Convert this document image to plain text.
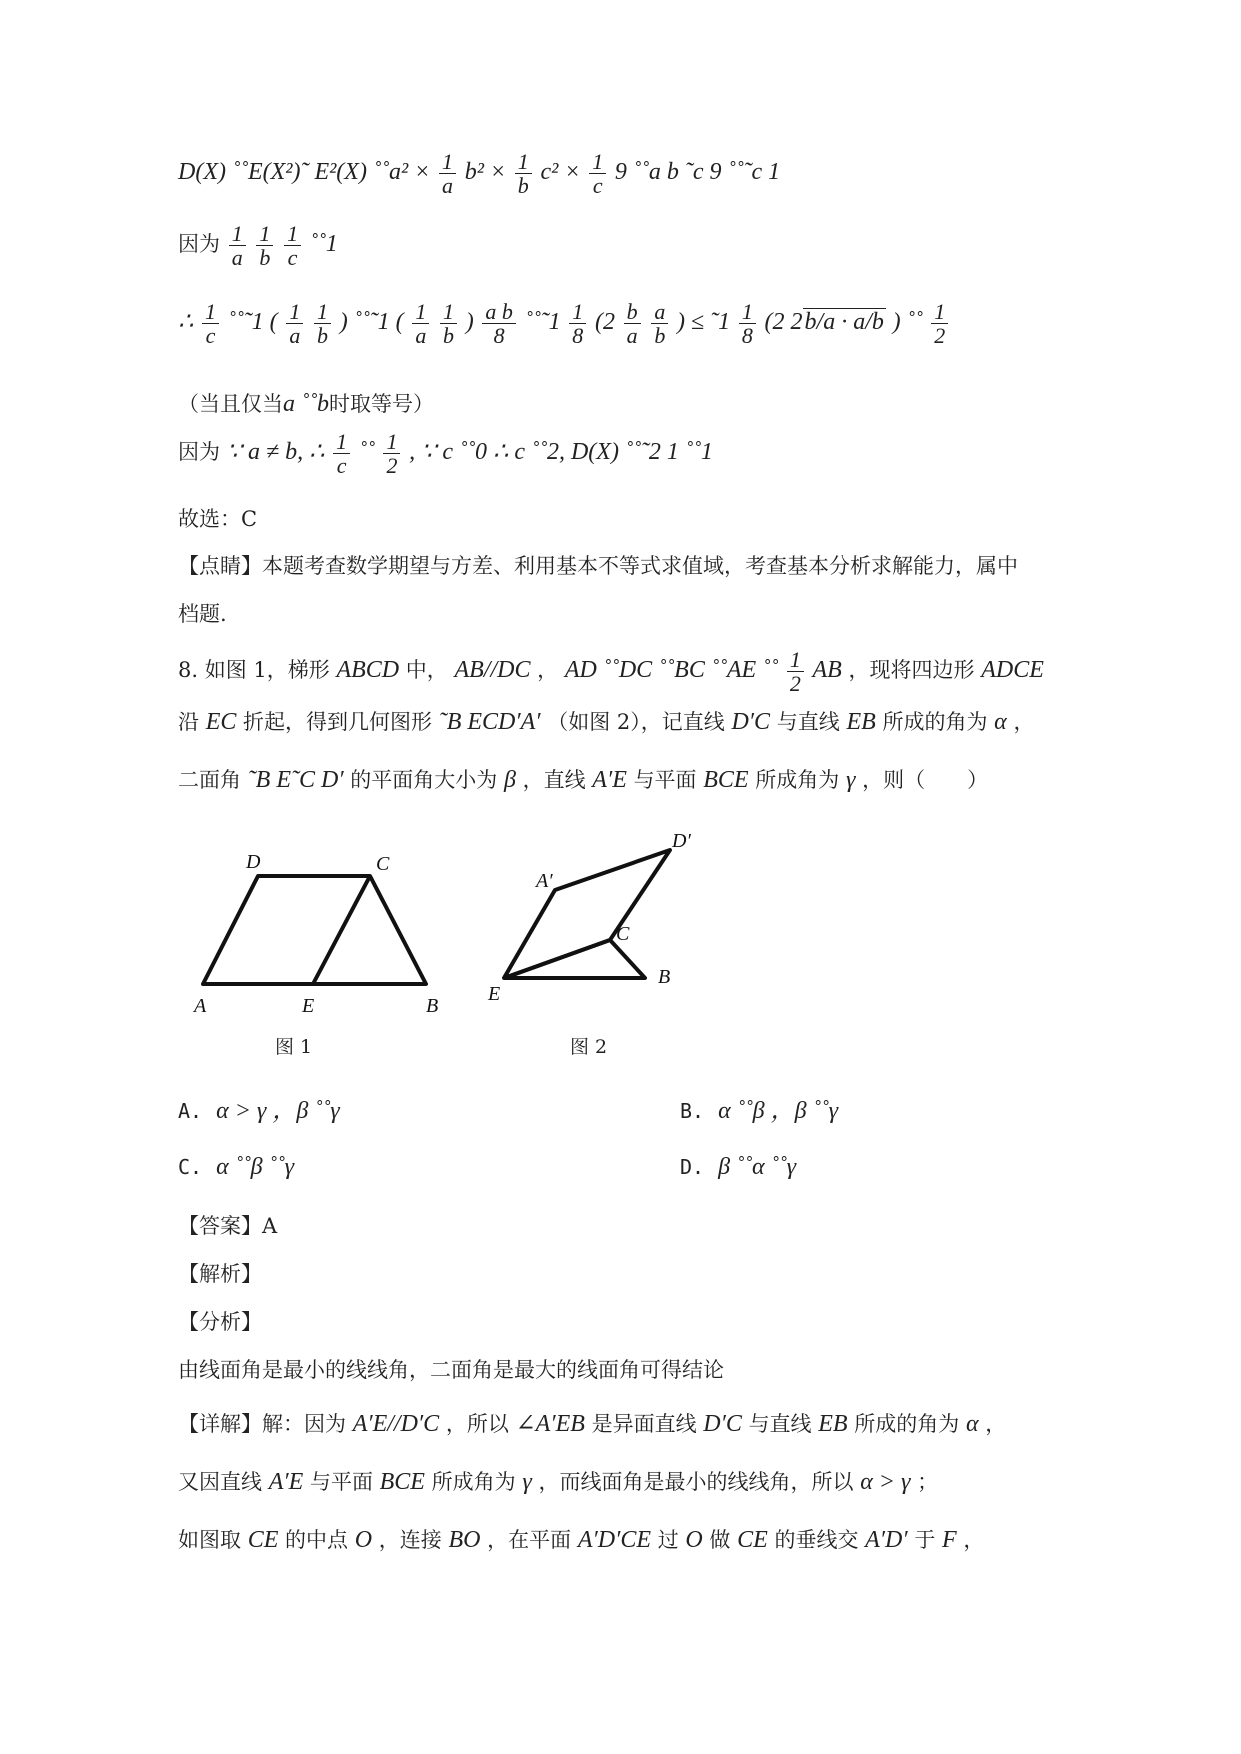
D(X) ˚˚E(X²)˜ E²(X) ˚˚a² × $\frac{1}{a} b^2 \times \frac{1}{b} c^2 \times \frac{1}{c} 9$ ˚˚a b ˜c 9 ˚˚˜c 1
因为 $\frac{1}{a}$
$\frac{1}{b}$
$\frac{1}{c}$ ˚˚1
∴ $\frac{1}{c}$ ˚˚˜1 ( $\frac{1}{a}$
$\frac{1}{b}$ ) ˚˚˜1 ( $\frac{1}{a}$
$\frac{1}{b}$ ) $\frac{\text{a b}}{8}$ ˚˚˜1 $\frac{1}{8} (2 \frac{b}{a}$
$\frac{a}{b}$ ) ≤ ˜1 $\frac{1}{8} (2$ 2b/a · a/b ) ˚˚ $\frac{1}{2}$
（当且仅当a ˚˚b时取等号）
因为 ∵ a ≠ b, ∴ $\frac{1}{c}$ ˚˚ $\frac{1}{2}$ , ∵ c ˚˚0 ∴ c ˚˚2, D(X) ˚˚˜2 1 ˚˚1
故选：C
【点睛】本题考查数学期望与方差、利用基本不等式求值域，考查基本分析求解能力，属中
档题.
8. 如图 1，梯形 ABCD 中， AB//DC ， AD ˚˚DC ˚˚BC ˚˚AE ˚˚ $\frac{1}{2}$ AB ，现将四边形 ADCE
沿 EC 折起，得到几何图形 ˜B ECD′A′ （如图 2），记直线 D′C 与直线 EB 所成的角为 α ，
二面角 ˜B E˜C D′ 的平面角大小为 β ，直线 A′E 与平面 BCE 所成角为 γ ，则（　　）
A
D	C
E	B
图 1
A′
D′
C
E
B
图 2
A. α > γ ，β ˚˚γ	B. α ˚˚β ，β ˚˚γ
C. α ˚˚β ˚˚γ	D. β ˚˚α ˚˚γ
【答案】A
【解析】
【分析】
由线面角是最小的线线角，二面角是最大的线面角可得结论
【详解】解：因为 A′E//D′C ，所以 ∠A′EB 是异面直线 D′C 与直线 EB 所成的角为 α ，
又因直线 A′E 与平面 BCE 所成角为 γ ，而线面角是最小的线线角，所以 α > γ ；
如图取 CE 的中点 O ，连接 BO ，在平面 A′D′CE 过 O 做 CE 的垂线交 A′D′ 于 F ，
